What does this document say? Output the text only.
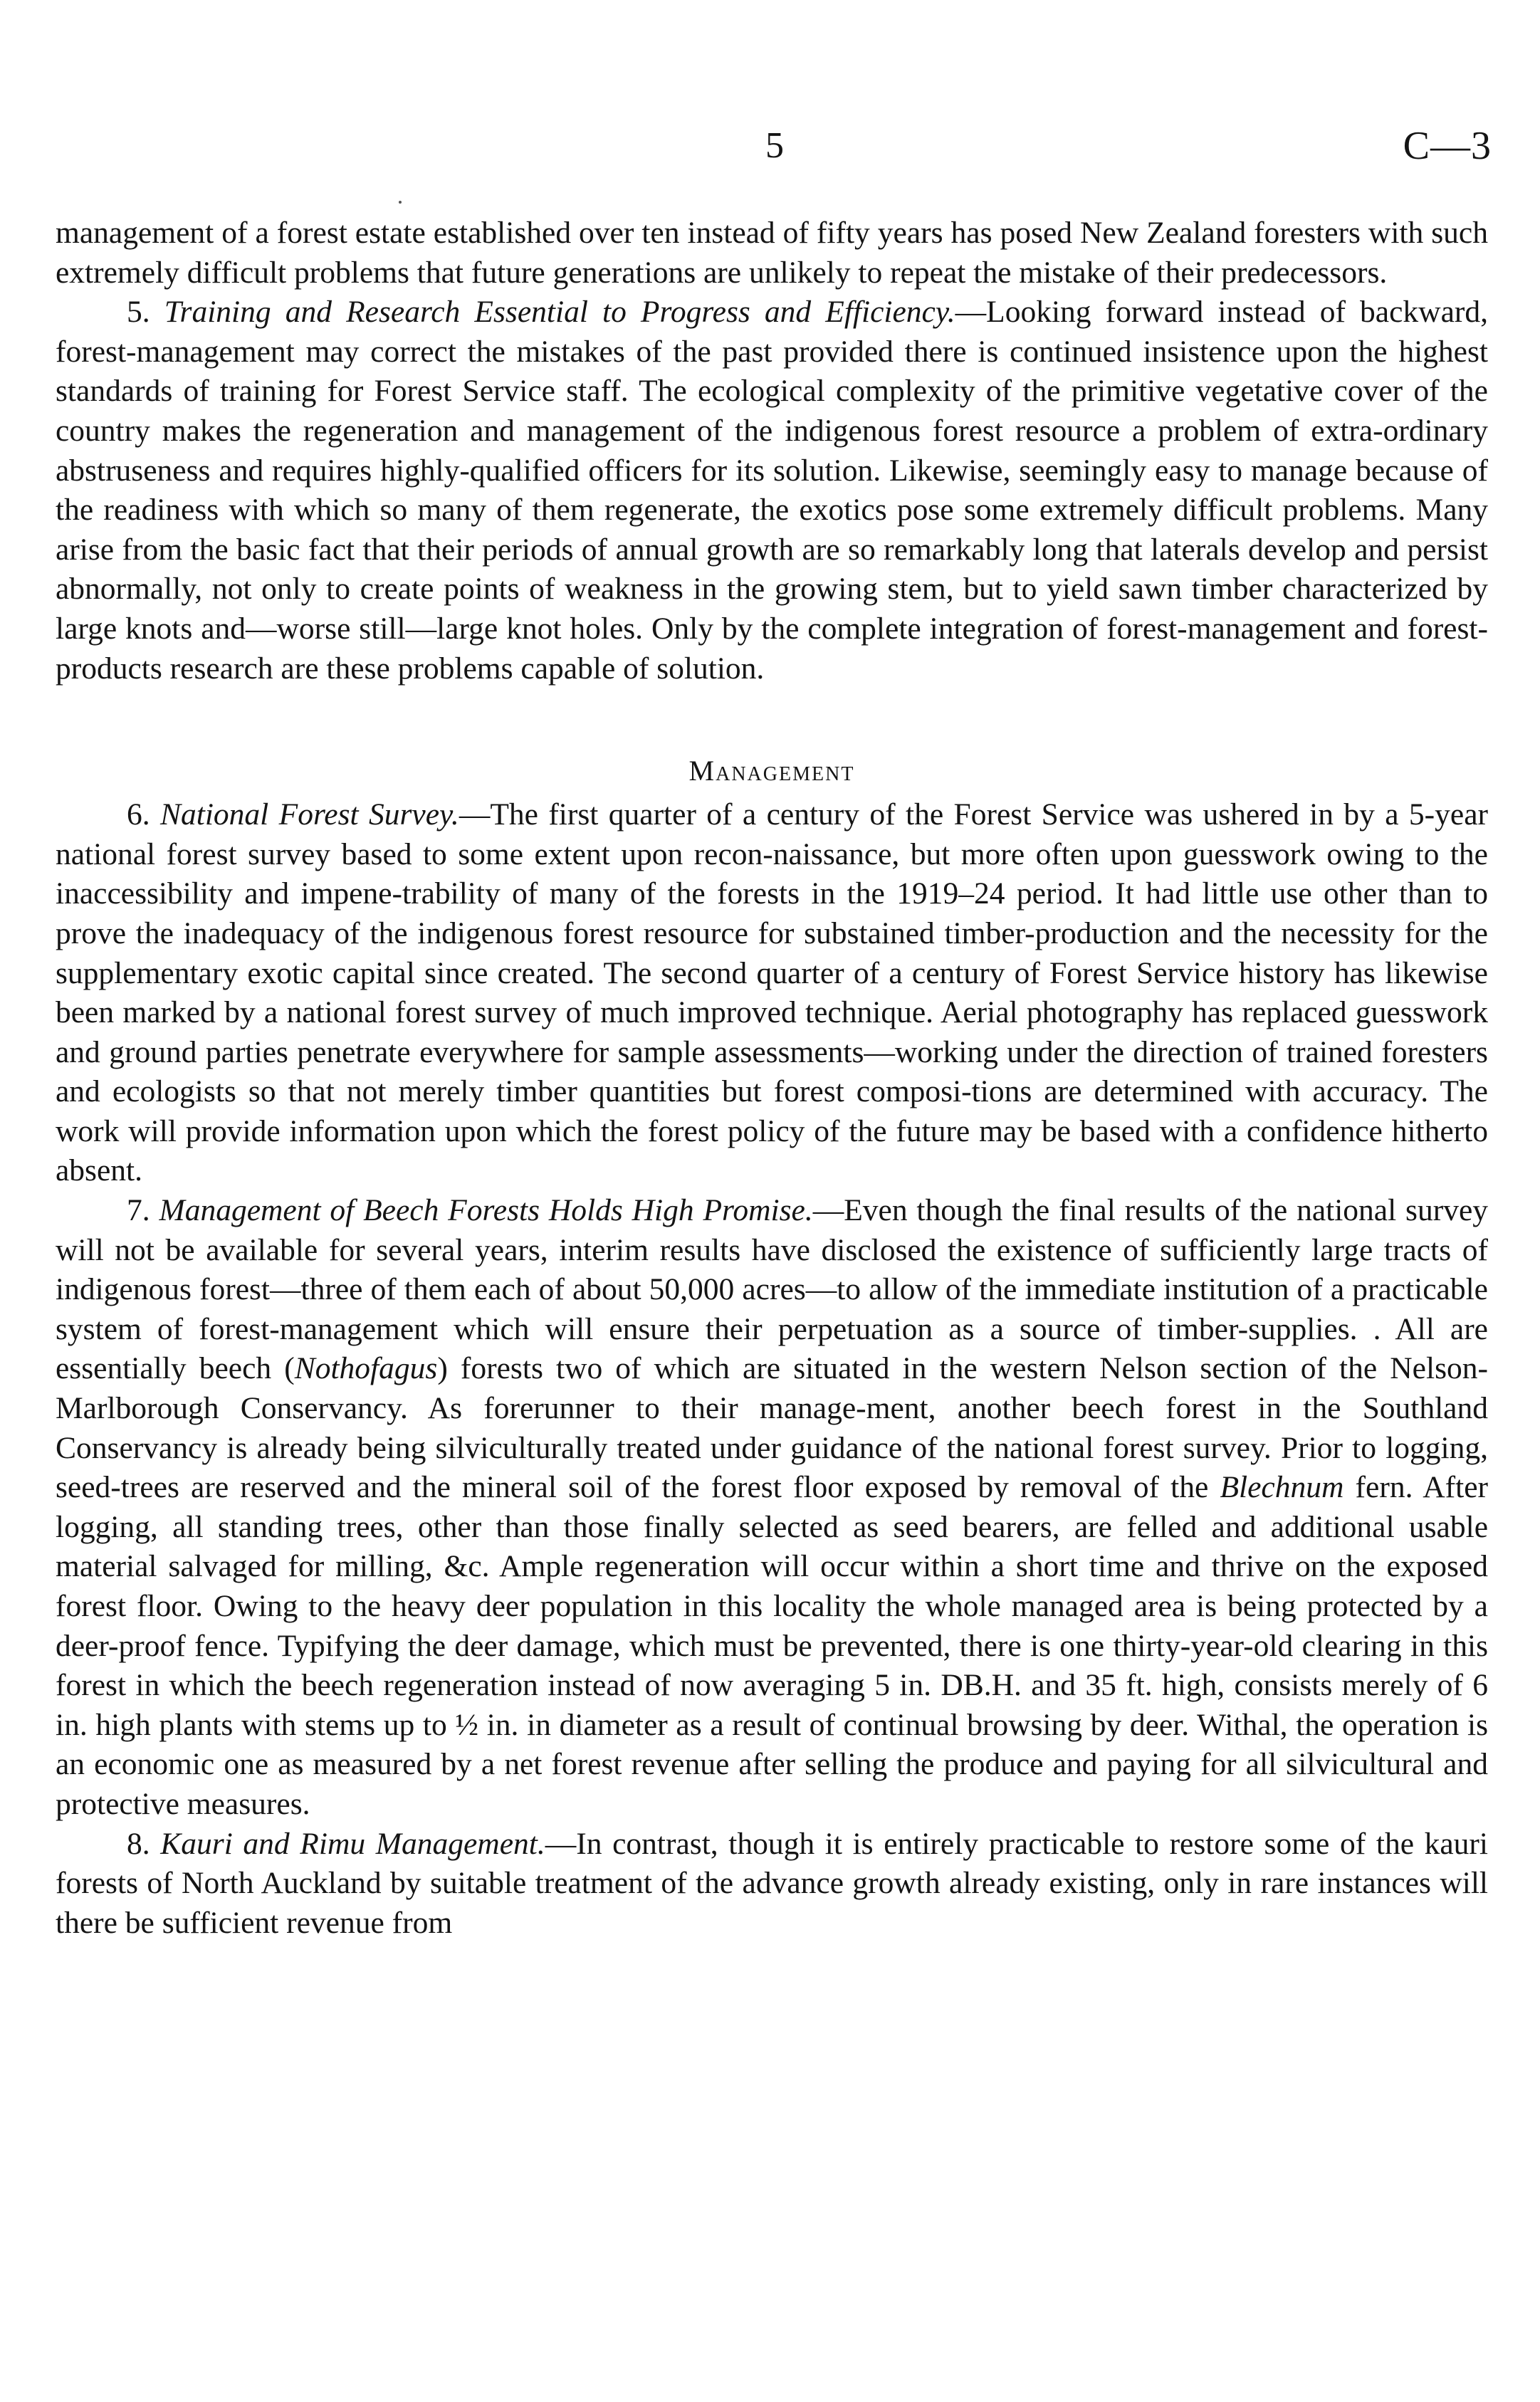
5	C—3

management of a forest estate established over ten instead of fifty years has posed New Zealand foresters with such extremely difficult problems that future generations are unlikely to repeat the mistake of their predecessors.

5. Training and Research Essential to Progress and Efficiency.—Looking forward instead of backward, forest-management may correct the mistakes of the past provided there is continued insistence upon the highest standards of training for Forest Service staff. The ecological complexity of the primitive vegetative cover of the country makes the regeneration and management of the indigenous forest resource a problem of extra-ordinary abstruseness and requires highly-qualified officers for its solution. Likewise, seemingly easy to manage because of the readiness with which so many of them regenerate, the exotics pose some extremely difficult problems. Many arise from the basic fact that their periods of annual growth are so remarkably long that laterals develop and persist abnormally, not only to create points of weakness in the growing stem, but to yield sawn timber characterized by large knots and—worse still—large knot holes. Only by the complete integration of forest-management and forest-products research are these problems capable of solution.

Management

6. National Forest Survey.—The first quarter of a century of the Forest Service was ushered in by a 5-year national forest survey based to some extent upon recon-naissance, but more often upon guesswork owing to the inaccessibility and impene-trability of many of the forests in the 1919–24 period. It had little use other than to prove the inadequacy of the indigenous forest resource for substained timber-production and the necessity for the supplementary exotic capital since created. The second quarter of a century of Forest Service history has likewise been marked by a national forest survey of much improved technique. Aerial photography has replaced guesswork and ground parties penetrate everywhere for sample assessments—working under the direction of trained foresters and ecologists so that not merely timber quantities but forest composi-tions are determined with accuracy. The work will provide information upon which the forest policy of the future may be based with a confidence hitherto absent.

7. Management of Beech Forests Holds High Promise.—Even though the final results of the national survey will not be available for several years, interim results have disclosed the existence of sufficiently large tracts of indigenous forest—three of them each of about 50,000 acres—to allow of the immediate institution of a practicable system of forest-management which will ensure their perpetuation as a source of timber-supplies. . All are essentially beech (Nothofagus) forests two of which are situated in the western Nelson section of the Nelson-Marlborough Conservancy. As forerunner to their manage-ment, another beech forest in the Southland Conservancy is already being silviculturally treated under guidance of the national forest survey. Prior to logging, seed-trees are reserved and the mineral soil of the forest floor exposed by removal of the Blechnum fern. After logging, all standing trees, other than those finally selected as seed bearers, are felled and additional usable material salvaged for milling, &c. Ample regeneration will occur within a short time and thrive on the exposed forest floor. Owing to the heavy deer population in this locality the whole managed area is being protected by a deer-proof fence. Typifying the deer damage, which must be prevented, there is one thirty-year-old clearing in this forest in which the beech regeneration instead of now averaging 5 in. DB.H. and 35 ft. high, consists merely of 6 in. high plants with stems up to ½ in. in diameter as a result of continual browsing by deer. Withal, the operation is an economic one as measured by a net forest revenue after selling the produce and paying for all silvicultural and protective measures.

8. Kauri and Rimu Management.—In contrast, though it is entirely practicable to restore some of the kauri forests of North Auckland by suitable treatment of the advance growth already existing, only in rare instances will there be sufficient revenue from
